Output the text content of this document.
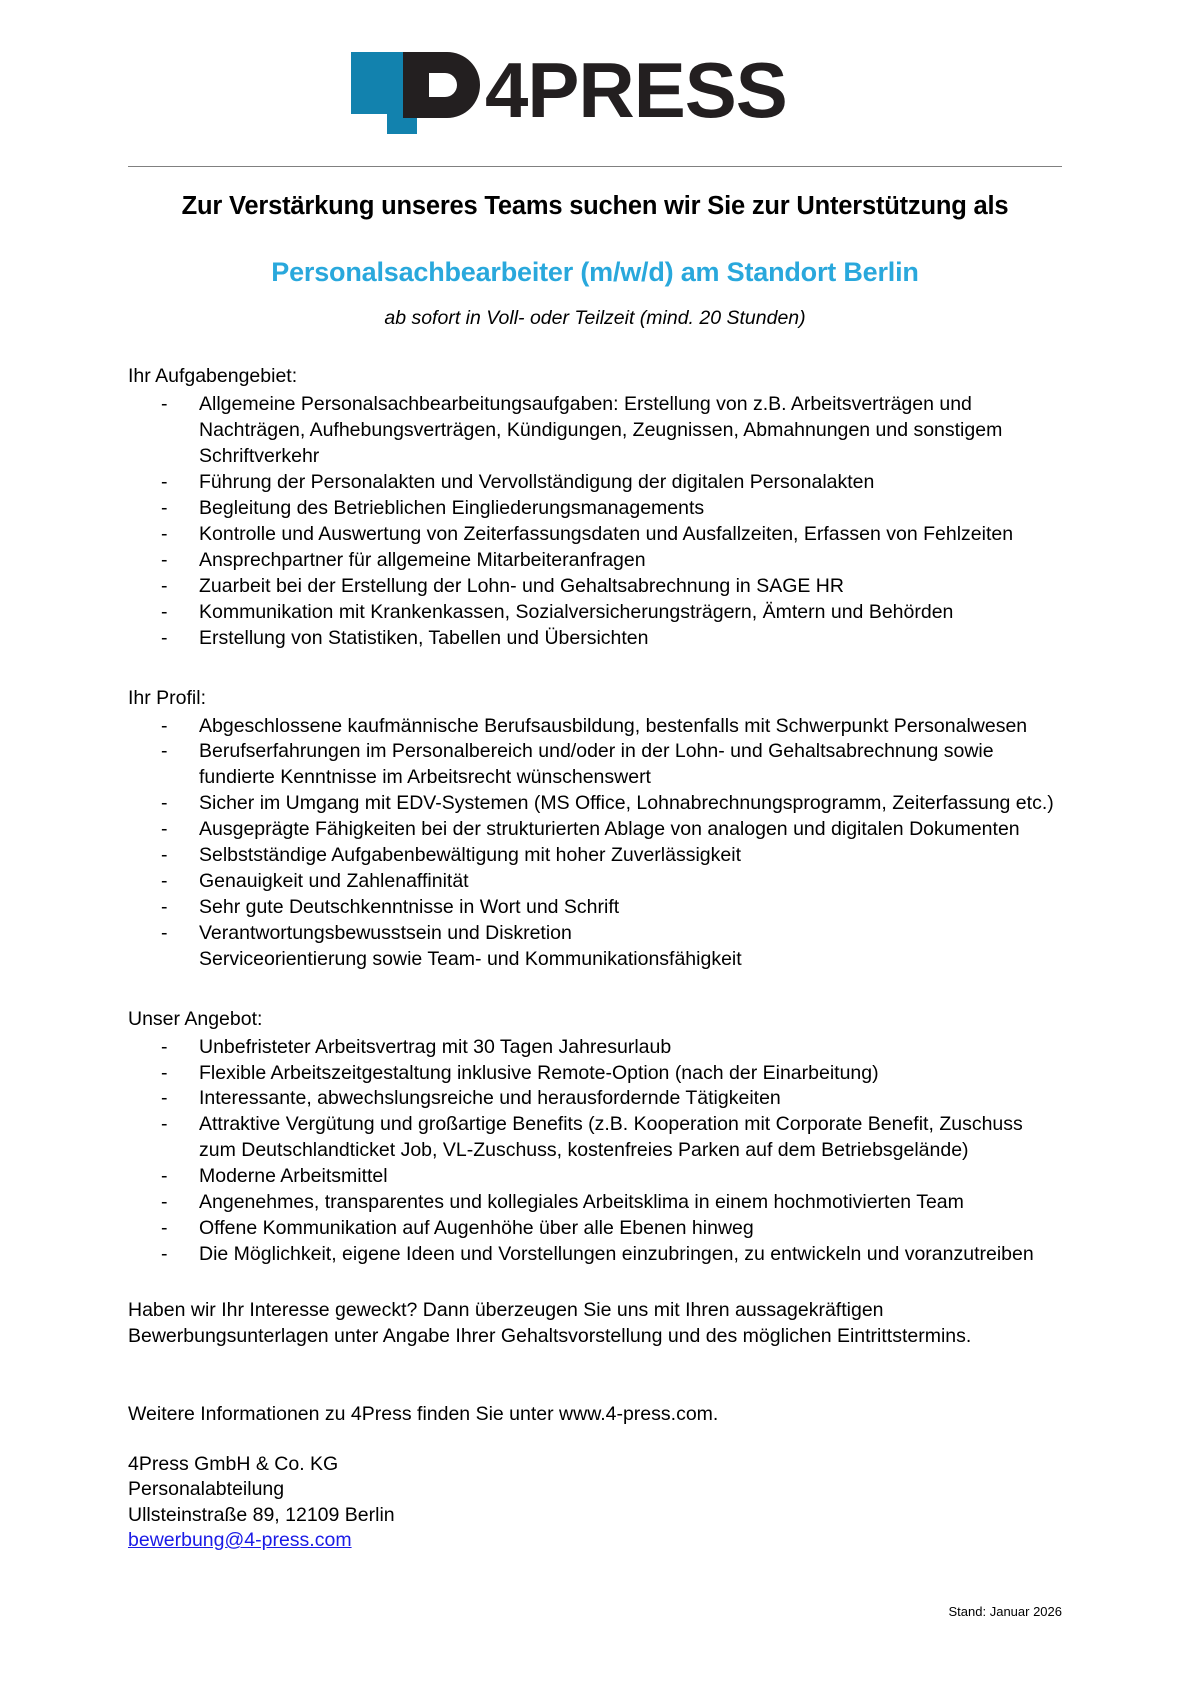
4PRESS
Zur Verstärkung unseres Teams suchen wir Sie zur Unterstützung als
Personalsachbearbeiter (m/w/d) am Standort Berlin
ab sofort in Voll- oder Teilzeit (mind. 20 Stunden)
Ihr Aufgabengebiet:
- Allgemeine Personalsachbearbeitungsaufgaben: Erstellung von z.B. Arbeitsverträgen und Nachträgen, Aufhebungsverträgen, Kündigungen, Zeugnissen, Abmahnungen und sonstigem Schriftverkehr
- Führung der Personalakten und Vervollständigung der digitalen Personalakten
- Begleitung des Betrieblichen Eingliederungsmanagements
- Kontrolle und Auswertung von Zeiterfassungsdaten und Ausfallzeiten, Erfassen von Fehlzeiten
- Ansprechpartner für allgemeine Mitarbeiteranfragen
- Zuarbeit bei der Erstellung der Lohn- und Gehaltsabrechnung in SAGE HR
- Kommunikation mit Krankenkassen, Sozialversicherungsträgern, Ämtern und Behörden
- Erstellung von Statistiken, Tabellen und Übersichten
Ihr Profil:
- Abgeschlossene kaufmännische Berufsausbildung, bestenfalls mit Schwerpunkt Personalwesen
- Berufserfahrungen im Personalbereich und/oder in der Lohn- und Gehaltsabrechnung sowie fundierte Kenntnisse im Arbeitsrecht wünschenswert
- Sicher im Umgang mit EDV-Systemen (MS Office, Lohnabrechnungsprogramm, Zeiterfassung etc.)
- Ausgeprägte Fähigkeiten bei der strukturierten Ablage von analogen und digitalen Dokumenten
- Selbstständige Aufgabenbewältigung mit hoher Zuverlässigkeit
- Genauigkeit und Zahlenaffinität
- Sehr gute Deutschkenntnisse in Wort und Schrift
- Verantwortungsbewusstsein und Diskretion
Serviceorientierung sowie Team- und Kommunikationsfähigkeit
Unser Angebot:
- Unbefristeter Arbeitsvertrag mit 30 Tagen Jahresurlaub
- Flexible Arbeitszeitgestaltung inklusive Remote-Option (nach der Einarbeitung)
- Interessante, abwechslungsreiche und herausfordernde Tätigkeiten
- Attraktive Vergütung und großartige Benefits (z.B. Kooperation mit Corporate Benefit, Zuschuss zum Deutschlandticket Job, VL-Zuschuss, kostenfreies Parken auf dem Betriebsgelände)
- Moderne Arbeitsmittel
- Angenehmes, transparentes und kollegiales Arbeitsklima in einem hochmotivierten Team
- Offene Kommunikation auf Augenhöhe über alle Ebenen hinweg
- Die Möglichkeit, eigene Ideen und Vorstellungen einzubringen, zu entwickeln und voranzutreiben

Haben wir Ihr Interesse geweckt? Dann überzeugen Sie uns mit Ihren aussagekräftigen Bewerbungsunterlagen unter Angabe Ihrer Gehaltsvorstellung und des möglichen Eintrittstermins.

Weitere Informationen zu 4Press finden Sie unter www.4-press.com.

4Press GmbH & Co. KG

Personalabteilung

Ullsteinstraße 89, 12109 Berlin

bewerbung@4-press.com
Stand: Januar 2026
